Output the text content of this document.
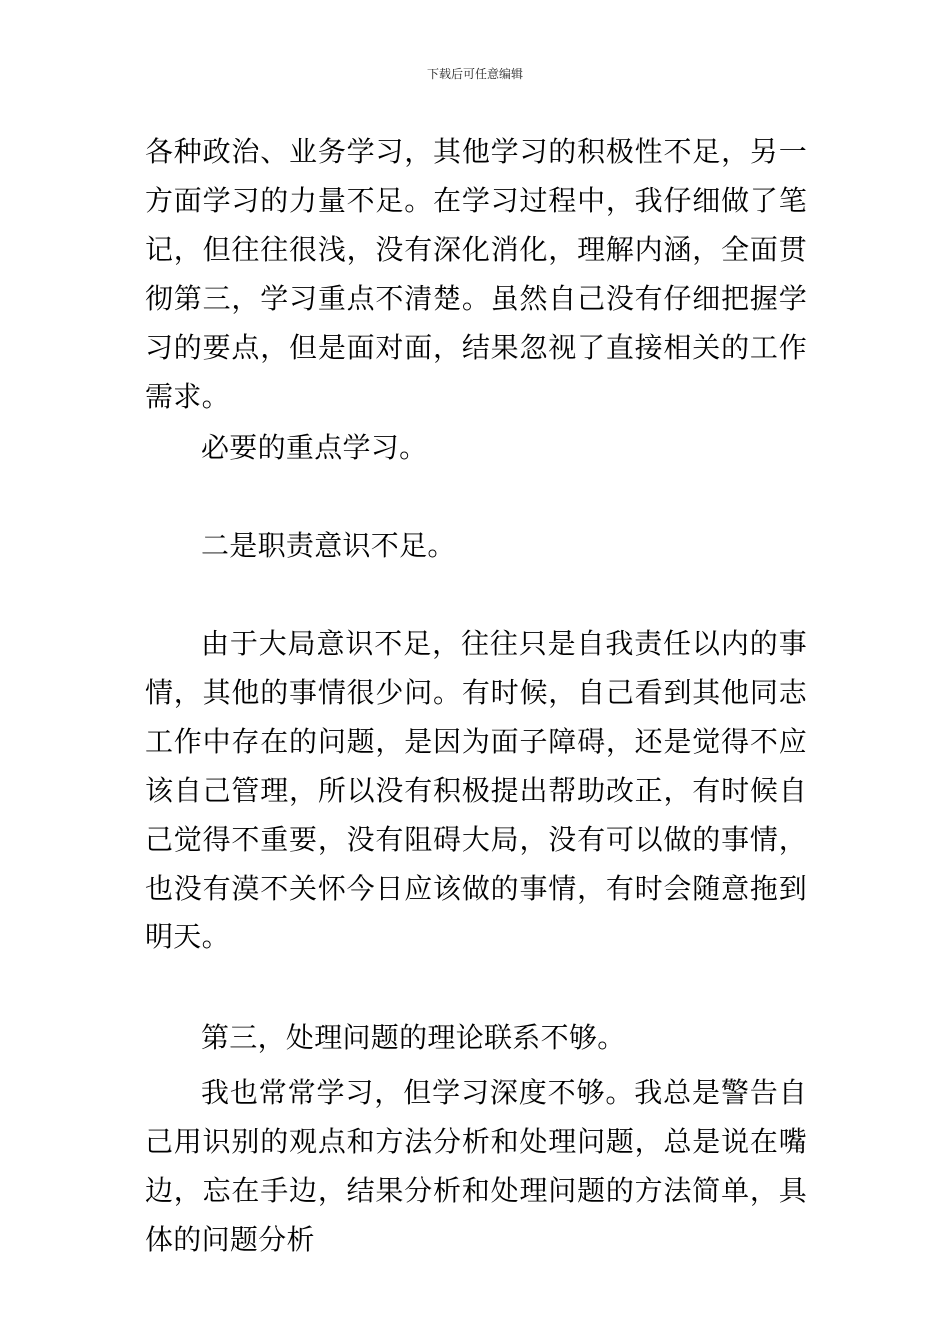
下载后可任意编辑

各种政治、业务学习，其他学习的积极性不足，另一方面学习的力量不足。在学习过程中，我仔细做了笔记，但往往很浅，没有深化消化，理解内涵，全面贯彻第三，学习重点不清楚。虽然自己没有仔细把握学习的要点，但是面对面，结果忽视了直接相关的工作需求。

必要的重点学习。

二是职责意识不足。

由于大局意识不足，往往只是自我责任以内的事情，其他的事情很少问。有时候，自己看到其他同志工作中存在的问题，是因为面子障碍，还是觉得不应该自己管理，所以没有积极提出帮助改正，有时候自己觉得不重要，没有阻碍大局，没有可以做的事情，也没有漠不关怀今日应该做的事情，有时会随意拖到明天。

第三，处理问题的理论联系不够。

我也常常学习，但学习深度不够。我总是警告自己用识别的观点和方法分析和处理问题，总是说在嘴边，忘在手边，结果分析和处理问题的方法简单，具体的问题分析
